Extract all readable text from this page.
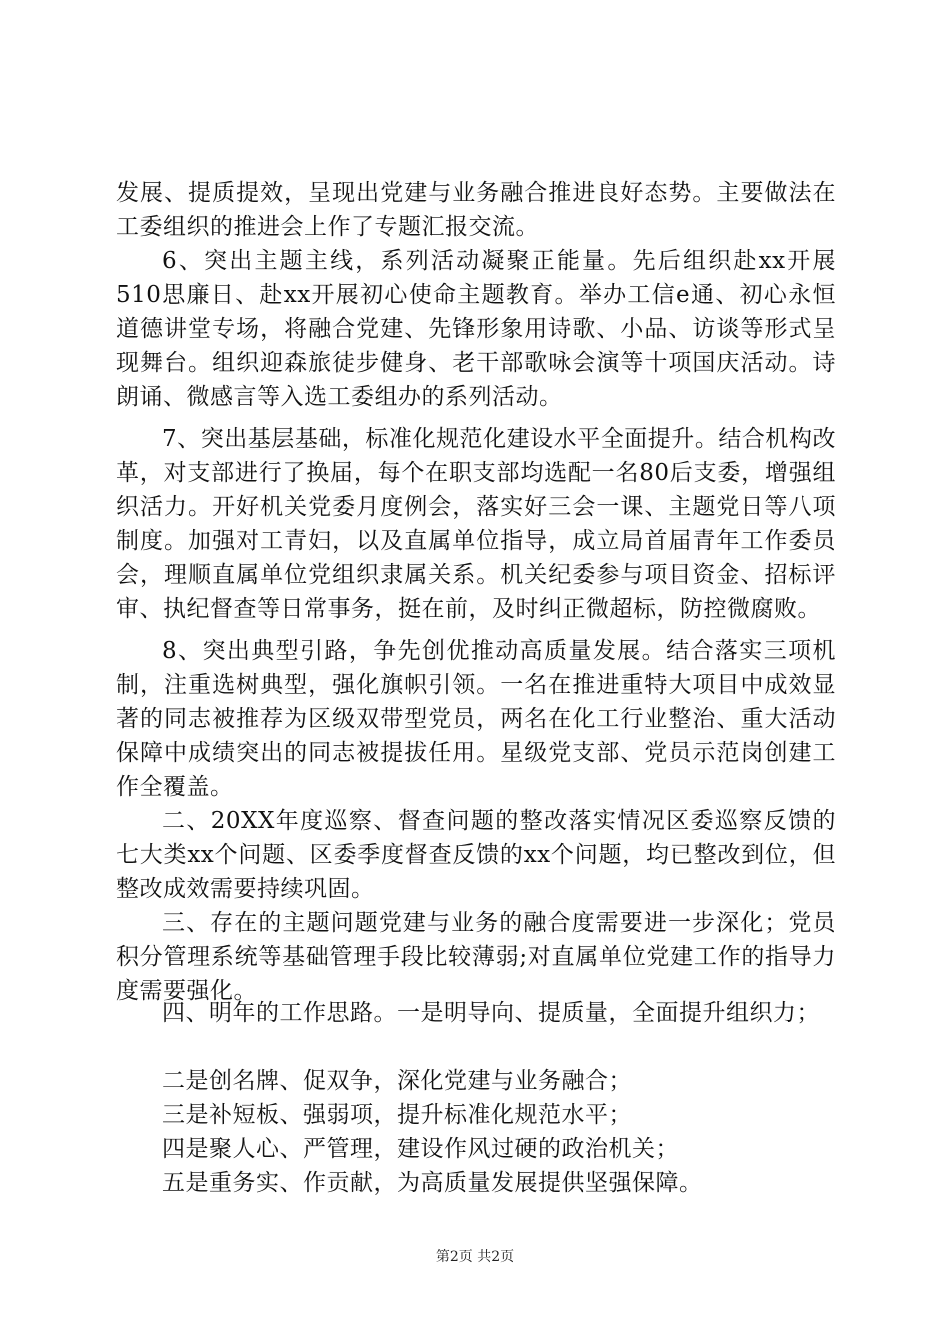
发展、提质提效，呈现出党建与业务融合推进良好态势。主要做法在工委组织的推进会上作了专题汇报交流。

6、突出主题主线，系列活动凝聚正能量。先后组织赴xx开展510思廉日、赴xx开展初心使命主题教育。举办工信e通、初心永恒道德讲堂专场，将融合党建、先锋形象用诗歌、小品、访谈等形式呈现舞台。组织迎森旅徒步健身、老干部歌咏会演等十项国庆活动。诗朗诵、微感言等入选工委组办的系列活动。

7、突出基层基础，标准化规范化建设水平全面提升。结合机构改革，对支部进行了换届，每个在职支部均选配一名80后支委，增强组织活力。开好机关党委月度例会，落实好三会一课、主题党日等八项制度。加强对工青妇，以及直属单位指导，成立局首届青年工作委员会，理顺直属单位党组织隶属关系。机关纪委参与项目资金、招标评审、执纪督查等日常事务，挺在前，及时纠正微超标，防控微腐败。

8、突出典型引路，争先创优推动高质量发展。结合落实三项机制，注重选树典型，强化旗帜引领。一名在推进重特大项目中成效显著的同志被推荐为区级双带型党员，两名在化工行业整治、重大活动保障中成绩突出的同志被提拔任用。星级党支部、党员示范岗创建工作全覆盖。

二、20XX年度巡察、督查问题的整改落实情况区委巡察反馈的七大类xx个问题、区委季度督查反馈的xx个问题，均已整改到位，但整改成效需要持续巩固。

三、存在的主题问题党建与业务的融合度需要进一步深化；党员积分管理系统等基础管理手段比较薄弱;对直属单位党建工作的指导力度需要强化。

四、明年的工作思路。一是明导向、提质量，全面提升组织力；

二是创名牌、促双争，深化党建与业务融合；

三是补短板、强弱项，提升标准化规范水平；

四是聚人心、严管理，建设作风过硬的政治机关；

五是重务实、作贡献，为高质量发展提供坚强保障。

第2页 共2页
